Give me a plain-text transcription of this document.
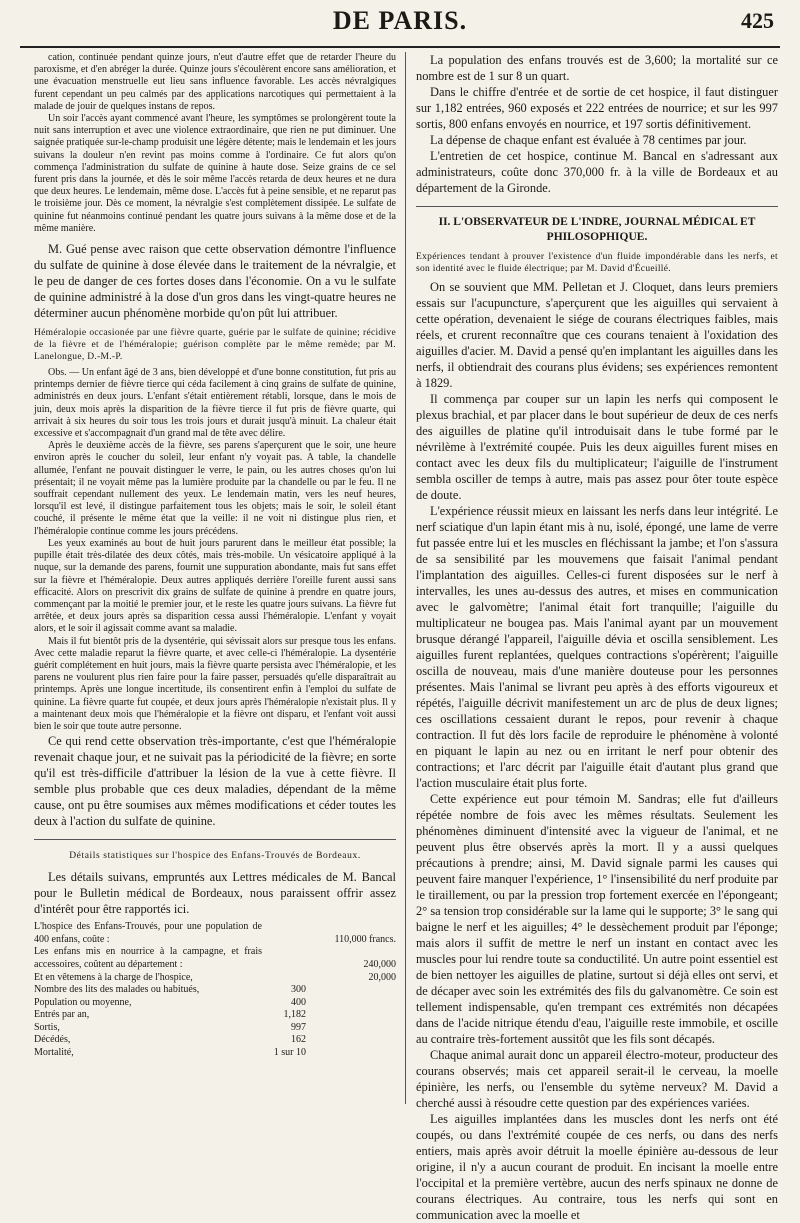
DE PARIS.	425

cation, continuée pendant quinze jours, n'eut d'autre effet que de retarder l'heure du paroxisme, et d'en abréger la durée. Quinze jours s'écoulèrent encore sans amélioration, et une évacuation menstruelle eut lieu sans influence favorable. Les accès névralgiques furent cependant un peu calmés par des applications narcotiques qui permettaient à la malade de jouir de quelques instans de repos.

Un soir l'accès ayant commencé avant l'heure, les symptômes se prolongèrent toute la nuit sans interruption et avec une violence extraordinaire, que rien ne put diminuer. Une saignée pratiquée sur-le-champ produisit une légère détente; mais le lendemain et les jours suivans la douleur n'en revint pas moins comme à l'ordinaire. Ce fut alors qu'on commença l'administration du sulfate de quinine à haute dose. Seize grains de ce sel furent pris dans la journée, et dès le soir même l'accès retarda de deux heures et ne dura que deux heures. Le lendemain, même dose. L'accès fut à peine sensible, et ne reparut pas le troisième jour. Dès ce moment, la névralgie s'est complètement dissipée. Le sulfate de quinine fut néanmoins continué pendant les quatre jours suivans à la même dose et de la même manière.

M. Gué pense avec raison que cette observation démontre l'influence du sulfate de quinine à dose élevée dans le traitement de la névralgie, et le peu de danger de ces fortes doses dans l'économie. On a vu le sulfate de quinine administré à la dose d'un gros dans les vingt-quatre heures ne déterminer aucun phénomène morbide qu'on pût lui attribuer.

Héméralopie occasionée par une fièvre quarte, guérie par le sulfate de quinine; récidive de la fièvre et de l'héméralopie; guérison complète par le même remède; par M. Lanelongue, D.-M.-P.

Obs. — Un enfant âgé de 3 ans, bien développé et d'une bonne constitution, fut pris au printemps dernier de fièvre tierce qui céda facilement à cinq grains de sulfate de quinine, administrés en deux jours. L'enfant s'était entièrement rétabli, lorsque, dans le mois de juin, deux mois après la disparition de la fièvre tierce il fut pris de fièvre quarte, qui arrivait à six heures du soir tous les trois jours et durait jusqu'à minuit. La chaleur était excessive et s'accompagnait d'un grand mal de tête avec délire.

Après le deuxième accès de la fièvre, ses parens s'aperçurent que le soir, une heure environ après le coucher du soleil, leur enfant n'y voyait pas. A table, la chandelle allumée, l'enfant ne pouvait distinguer le verre, le pain, ou les autres choses qu'on lui présentait; il ne voyait même pas la lumière produite par la chandelle ou par le feu. Il ne souffrait cependant nullement des yeux. Le lendemain matin, vers les neuf heures, lorsqu'il est levé, il distingue parfaitement tous les objets; mais le soir, le soleil étant couché, il présente le même état que la veille: il ne voit ni distingue plus rien, et l'héméralopie continue comme les jours précédens.

Les yeux examinés au bout de huit jours parurent dans le meilleur état possible; la pupille était très-dilatée des deux côtés, mais très-mobile. Un vésicatoire appliqué à la nuque, sur la demande des parens, fournit une suppuration abondante, mais fut sans effet sur la fièvre et l'héméralopie. Deux autres appliqués derrière l'oreille furent aussi sans efficacité. Alors on prescrivit dix grains de sulfate de quinine à prendre en quatre jours, commençant par la moitié le premier jour, et le reste les quatre jours suivans. La fièvre fut arrêtée, et deux jours après sa disparition cessa aussi l'héméralopie. L'enfant y voyait alors, et le soir il agissait comme avant sa maladie.

Mais il fut bientôt pris de la dysentérie, qui sévissait alors sur presque tous les enfans. Avec cette maladie reparut la fièvre quarte, et avec celle-ci l'héméralopie. La dysentérie guérit complétement en huit jours, mais la fièvre quarte persista avec l'héméralopie, et les parens ne voulurent plus rien faire pour la faire passer, persuadés qu'elle disparaîtrait au printemps. Après une longue incertitude, ils consentirent enfin à l'emploi du sulfate de quinine. La fièvre quarte fut coupée, et deux jours après l'héméralopie n'existait plus. Il y a maintenant deux mois que l'héméralopie et la fièvre ont disparu, et l'enfant voit aussi bien le soir que toute autre personne.

Ce qui rend cette observation très-importante, c'est que l'héméralopie revenait chaque jour, et ne suivait pas la périodicité de la fièvre; en sorte qu'il est très-difficile d'attribuer la lésion de la vue à cette fièvre. Il semble plus probable que ces deux maladies, dépendant de la même cause, ont pu être soumises aux mêmes modifications et céder toutes les deux à l'action du sulfate de quinine.

Détails statistiques sur l'hospice des Enfans-Trouvés de Bordeaux.

Les détails suivans, empruntés aux Lettres médicales de M. Bancal pour le Bulletin médical de Bordeaux, nous paraissent offrir assez d'intérêt pour être rapportés ici.

L'hospice des Enfans-Trouvés, pour une population de 400 enfans, coûte :		110,000 francs.
Les enfans mis en nourrice à la campagne, et frais accessoires, coûtent au département :		240,000
Et en vêtemens à la charge de l'hospice,		20,000
Nombre des lits des malades ou habitués,	300	
Population ou moyenne,	400	
Entrés par an,	1,182	
Sortis,	997	
Décédés,	162	
Mortalité,	1 sur 10	

La population des enfans trouvés est de 3,600; la mortalité sur ce nombre est de 1 sur 8 un quart.

Dans le chiffre d'entrée et de sortie de cet hospice, il faut distinguer sur 1,182 entrées, 960 exposés et 222 entrées de nourrice; et sur les 997 sortis, 800 enfans envoyés en nourrice, et 197 sortis définitivement.

La dépense de chaque enfant est évaluée à 78 centimes par jour.

L'entretien de cet hospice, continue M. Bancal en s'adressant aux administrateurs, coûte donc 370,000 fr. à la ville de Bordeaux et au département de la Gironde.

II. L'OBSERVATEUR DE L'INDRE, JOURNAL MÉDICAL ET PHILOSOPHIQUE.

Expériences tendant à prouver l'existence d'un fluide impondérable dans les nerfs, et son identité avec le fluide électrique; par M. David d'Écueillé.

On se souvient que MM. Pelletan et J. Cloquet, dans leurs premiers essais sur l'acupuncture, s'aperçurent que les aiguilles qui servaient à cette opération, devenaient le siége de courans électriques faibles, mais réels, et crurent reconnaître que ces courans tenaient à l'oxidation des aiguilles d'acier. M. David a pensé qu'en implantant les aiguilles dans les nerfs, il obtiendrait des courans plus évidens; ses expériences remontent à 1829.

Il commença par couper sur un lapin les nerfs qui composent le plexus brachial, et par placer dans le bout supérieur de deux de ces nerfs des aiguilles de platine qu'il introduisait dans le tube formé par le névrilème à l'extrémité coupée. Puis les deux aiguilles furent mises en contact avec les deux fils du multiplicateur; l'aiguille de l'instrument sembla osciller de temps à autre, mais pas assez pour ôter toute espèce de doute.

L'expérience réussit mieux en laissant les nerfs dans leur intégrité. Le nerf sciatique d'un lapin étant mis à nu, isolé, épongé, une lame de verre fut passée entre lui et les muscles en fléchissant la jambe; et l'on s'assura de sa sensibilité par les mouvemens que faisait l'animal pendant l'implantation des aiguilles. Celles-ci furent disposées sur le nerf à intervalles, les unes au-dessus des autres, et mises en communication avec le galvomètre; l'animal était fort tranquille; l'aiguille du multiplicateur ne bougea pas. Mais l'animal ayant par un mouvement brusque dérangé l'appareil, l'aiguille dévia et oscilla sensiblement. Les aiguilles furent replantées, quelques contractions s'opérèrent; l'aiguille oscilla de nouveau, mais d'une manière douteuse pour les personnes présentes. Mais l'animal se livrant peu après à des efforts vigoureux et répétés, l'aiguille décrivit manifestement un arc de plus de deux lignes; ces oscillations cessaient durant le repos, pour revenir à chaque contraction. Il fut dès lors facile de reproduire le phénomène à volonté en piquant le lapin au nez ou en irritant le nerf pour obtenir des contractions; et l'arc décrit par l'aiguille était d'autant plus grand que l'action musculaire était plus forte.

Cette expérience eut pour témoin M. Sandras; elle fut d'ailleurs répétée nombre de fois avec les mêmes résultats. Seulement les phénomènes diminuent d'intensité avec la vigueur de l'animal, et ne peuvent plus être observés après la mort. Il y a aussi quelques précautions à prendre; ainsi, M. David signale parmi les causes qui peuvent faire manquer l'expérience, 1° l'insensibilité du nerf produite par le tiraillement, ou par la pression trop fortement exercée en l'épongeant; 2° sa tension trop considérable sur la lame qui le supporte; 3° le sang qui baigne le nerf et les aiguilles; 4° le dessèchement produit par l'éponge; mais alors il suffit de mettre le nerf un instant en contact avec les muscles pour lui rendre toute sa conductilité. Un autre point essentiel est de bien nettoyer les aiguilles de platine, surtout si déjà elles ont servi, et de décaper avec soin les extrémités des fils du galvanomètre. Ce soin est tellement indispensable, qu'en trempant ces extrémités non décapées dans de l'acide nitrique étendu d'eau, l'aiguille reste immobile, et oscille au contraire très-fortement aussitôt que les fils sont décapés.

Chaque animal aurait donc un appareil électro-moteur, producteur des courans observés; mais cet appareil serait-il le cerveau, la moelle épinière, les nerfs, ou l'ensemble du sytème nerveux? M. David a cherché aussi à résoudre cette question par des expériences variées.

Les aiguilles implantées dans les muscles dont les nerfs ont été coupés, ou dans l'extrémité coupée de ces nerfs, ou dans des nerfs entiers, mais après avoir détruit la moelle épinière au-dessous de leur origine, il n'y a aucun courant de produit. En incisant la moelle entre l'occipital et la première vertèbre, aucun des nerfs spinaux ne donne de courans électriques. Au contraire, tous les nerfs qui sont en communication avec la moelle et
